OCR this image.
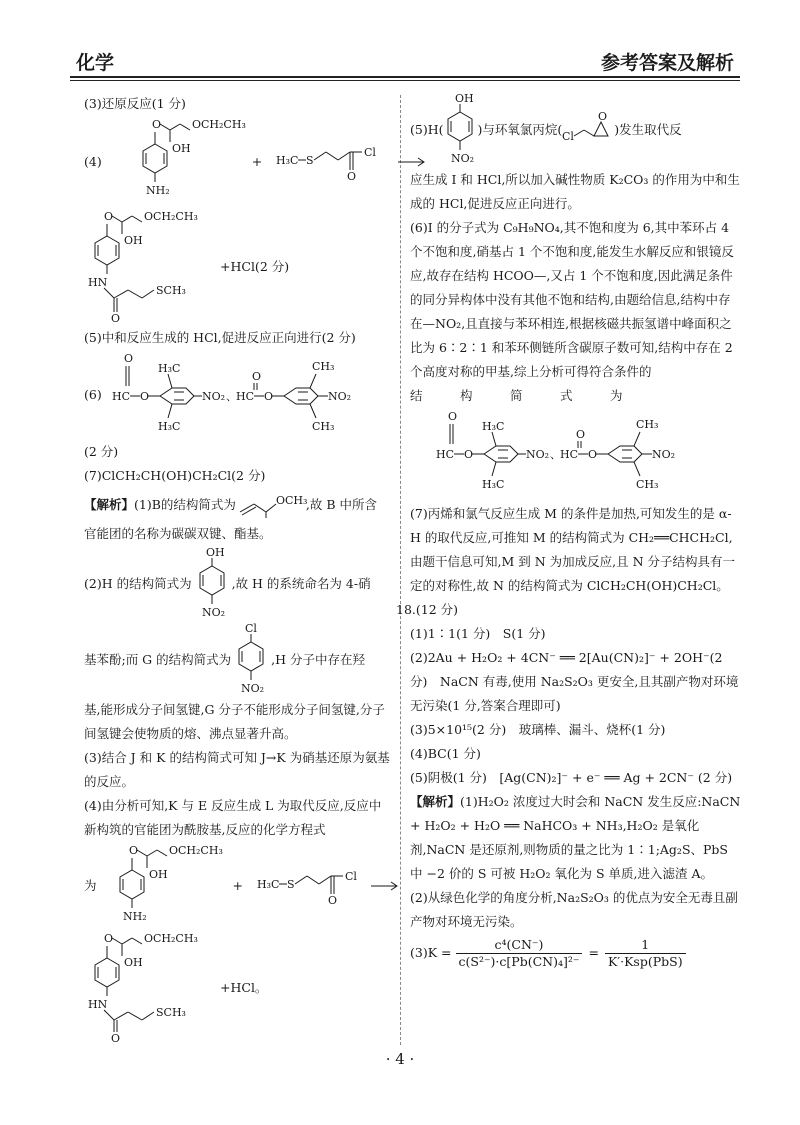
化学	参考答案及解析

(3)还原反应(1 分)

(4)
O	OCH₂CH₃
OH
NH₂
+ H₃C S
Cl
O
O	OCH₂CH₃
OH
HN
O
SCH₃
+HCl(2 分)

(5)中和反应生成的 HCl,促进反应正向进行(2 分)

(6)
O
HC O
H₃C
H₃C
NO₂ 、
O
HC O
CH₃
CH₃
NO₂

(2 分)

(7)ClCH₂CH(OH)CH₂Cl(2 分)

【解析】 (1)B的结构简式为	OCH₃
,故 B 中所含

官能团的名称为碳碳双键、酯基。

(2)H 的结构简式为
OH
NO₂
,故 H 的系统命名为 4-硝
基苯酚;而 G 的结构简式为
Cl
NO₂
,H 分子中存在羟

基,能形成分子间氢键,G 分子不能形成分子间氢键,分子间氢键会使物质的熔、沸点显著升高。

(3)结合 J 和 K 的结构简式可知 J→K 为硝基还原为氨基的反应。

(4)由分析可知,K 与 E 反应生成 L 为取代反应,反应中新构筑的官能团为酰胺基,反应的化学方程式

为
O	OCH₂CH₃
OH
NH₂
+ H₃C S
Cl
O
O	OCH₂CH₃
OH
HN
O
SCH₃
+HCl。
(5)H(
OH
NO₂
)与环氧氯丙烷( Cl
O
)发生取代反

应生成 I 和 HCl,所以加入碱性物质 K₂CO₃ 的作用为中和生成的 HCl,促进反应正向进行。

(6)I 的分子式为 C₉H₉NO₄,其不饱和度为 6,其中苯环占 4 个不饱和度,硝基占 1 个不饱和度,能发生水解反应和银镜反应,故存在结构 HCOO—,又占 1 个不饱和度,因此满足条件的同分异构体中没有其他不饱和结构,由题给信息,结构中存在—NO₂,且直接与苯环相连,根据核磁共振氢谱中峰面积之比为 6∶2∶1 和苯环侧链所含碳原子数可知,结构中存在 2 个高度对称的甲基,综上分析可得符合条件的

结　　　构　　　简　　　式　　　为

O
HC O
H₃C
H₃C
NO₂ 、
O
HC O
CH₃
CH₃
NO₂

(7)丙烯和氯气反应生成 M 的条件是加热,可知发生的是 α-H 的取代反应,可推知 M 的结构简式为 CH₂══CHCH₂Cl,由题干信息可知,M 到 N 为加成反应,且 N 分子结构具有一定的对称性,故 N 的结构简式为 ClCH₂CH(OH)CH₂Cl。

18.(12 分)

(1)1∶1(1 分)　S(1 分)

(2)2Au + H₂O₂ + 4CN⁻ ══ 2[Au(CN)₂]⁻ + 2OH⁻(2 分)　NaCN 有毒,使用 Na₂S₂O₃ 更安全,且其副产物对环境无污染(1 分,答案合理即可)

(3)5×10¹⁵(2 分)　玻璃棒、漏斗、烧杯(1 分)

(4)BC(1 分)

(5)阴极(1 分)　[Ag(CN)₂]⁻ + e⁻ ══ Ag + 2CN⁻ (2 分)

【解析】(1)H₂O₂ 浓度过大时会和 NaCN 发生反应:NaCN + H₂O₂ + H₂O ══ NaHCO₃ + NH₃,H₂O₂ 是氧化剂,NaCN 是还原剂,则物质的量之比为 1∶1;Ag₂S、PbS 中 −2 价的 S 可被 H₂O₂ 氧化为 S 单质,进入滤渣 A。

(2)从绿色化学的角度分析,Na₂S₂O₃ 的优点为安全无毒且副产物对环境无污染。

$(3)K = \frac{\text{c⁴(CN⁻)}}{\text{c(S²⁻)·c[Pb(CN)₄]²⁻}} = \frac{1}{\text{K′·Ksp(PbS)}}$
· 4 ·
